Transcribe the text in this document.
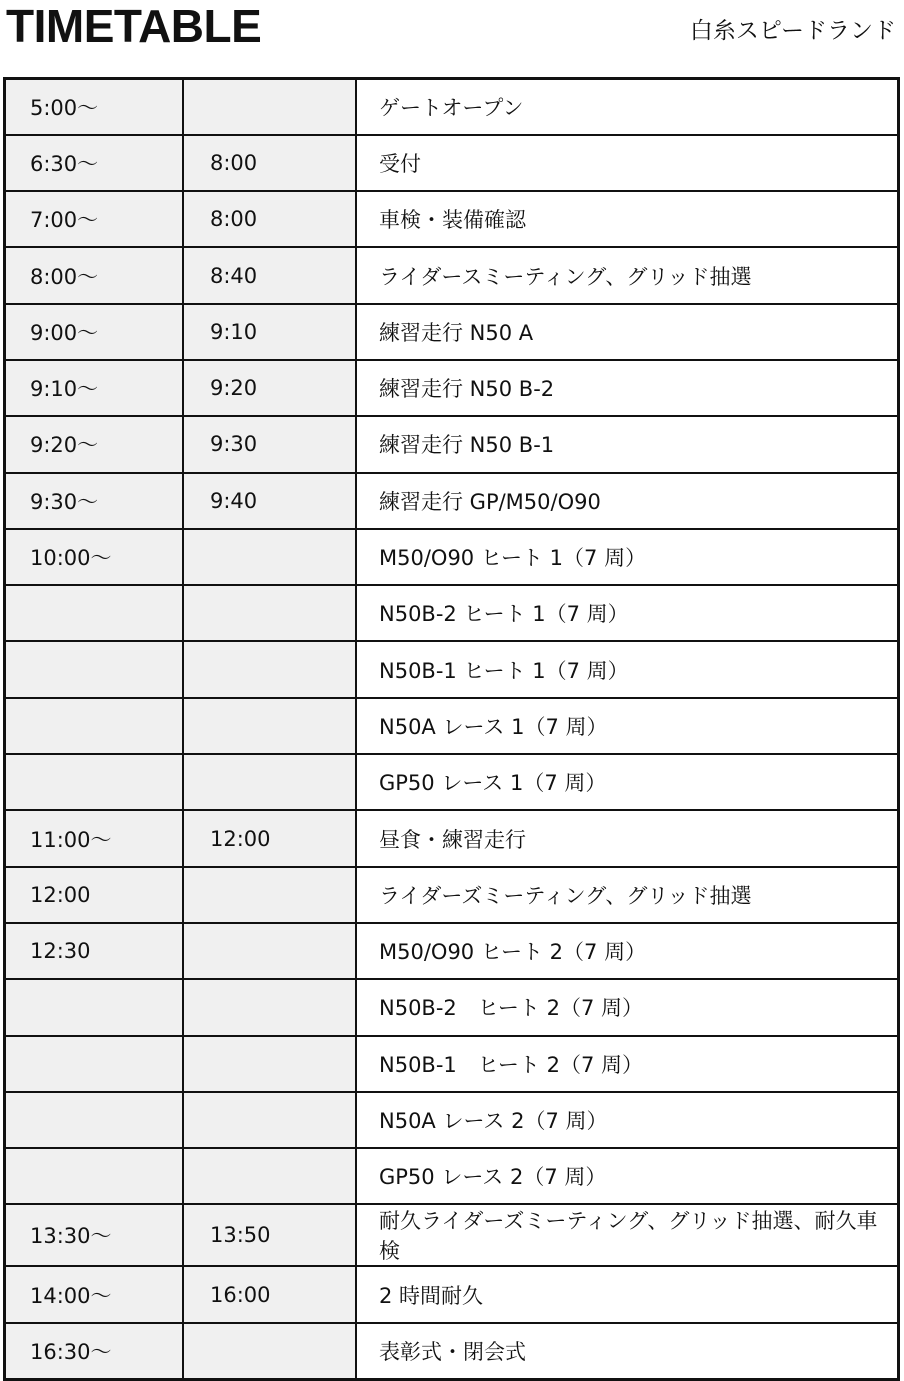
TIMETABLE	白糸スピードランド
5:00〜		ゲートオープン
6:30〜	8:00	受付
7:00〜	8:00	車検・装備確認
8:00〜	8:40	ライダースミーティング、グリッド抽選
9:00〜	9:10	練習走行 N50 A
9:10〜	9:20	練習走行 N50 B-2
9:20〜	9:30	練習走行 N50 B-1
9:30〜	9:40	練習走行 GP/M50/O90
10:00〜		M50/O90 ヒート 1（7 周）
		N50B-2 ヒート 1（7 周）
		N50B-1 ヒート 1（7 周）
		N50A レース 1（7 周）
		GP50 レース 1（7 周）
11:00〜	12:00	昼食・練習走行
12:00		ライダーズミーティング、グリッド抽選
12:30		M50/O90 ヒート 2（7 周）
		N50B-2　ヒート 2（7 周）
		N50B-1　ヒート 2（7 周）
		N50A レース 2（7 周）
		GP50 レース 2（7 周）
13:30〜	13:50	耐久ライダーズミーティング、グリッド抽選、耐久車検
14:00〜	16:00	2 時間耐久
16:30〜		表彰式・閉会式
